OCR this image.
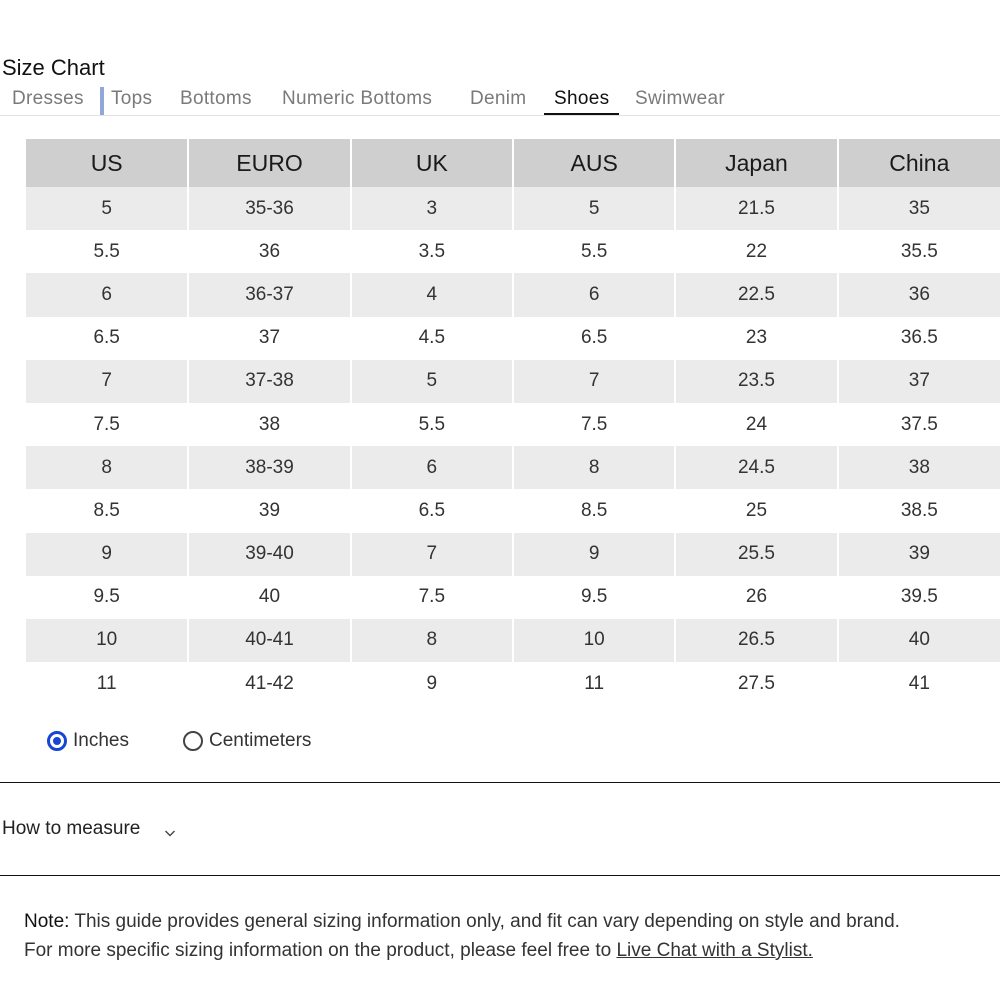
Size Chart
Dresses Tops Bottoms Numeric Bottoms Denim Shoes Swimwear
US	EURO	UK	AUS	Japan	China
5	35-36	3	5	21.5	35
5.5	36	3.5	5.5	22	35.5
6	36-37	4	6	22.5	36
6.5	37	4.5	6.5	23	36.5
7	37-38	5	7	23.5	37
7.5	38	5.5	7.5	24	37.5
8	38-39	6	8	24.5	38
8.5	39	6.5	8.5	25	38.5
9	39-40	7	9	25.5	39
9.5	40	7.5	9.5	26	39.5
10	40-41	8	10	26.5	40
11	41-42	9	11	27.5	41
Inches	Centimeters
How to measure
Note: This guide provides general sizing information only, and fit can vary depending on style and brand.
For more specific sizing information on the product, please feel free to Live Chat with a Stylist.
